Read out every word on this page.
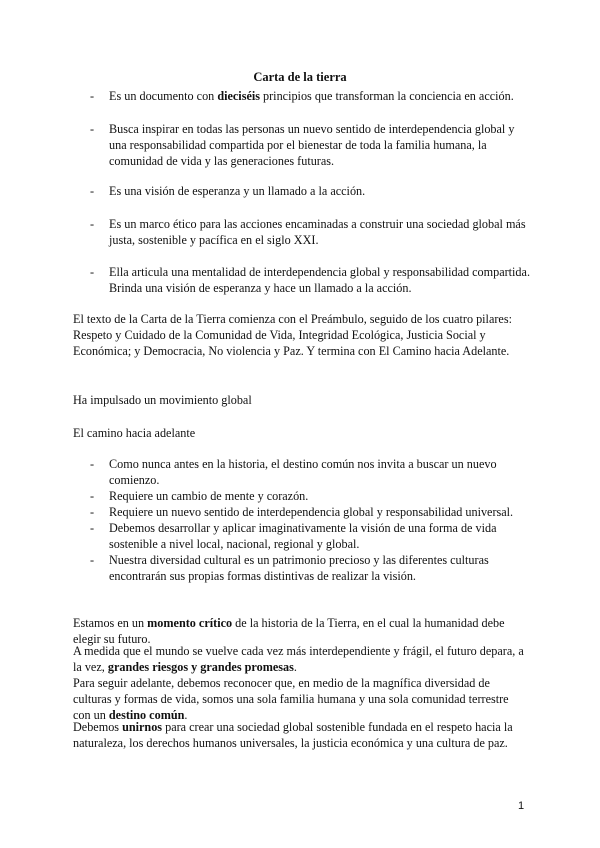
Carta de la tierra
- Es un documento con dieciséis principios que transforman la conciencia en acción.
- Busca inspirar en todas las personas un nuevo sentido de interdependencia global y una responsabilidad compartida por el bienestar de toda la familia humana, la comunidad de vida y las generaciones futuras.
- Es una visión de esperanza y un llamado a la acción.
- Es un marco ético para las acciones encaminadas a construir una sociedad global más justa, sostenible y pacífica en el siglo XXI.
- Ella articula una mentalidad de interdependencia global y responsabilidad compartida. Brinda una visión de esperanza y hace un llamado a la acción.
El texto de la Carta de la Tierra comienza con el Preámbulo, seguido de los cuatro pilares: Respeto y Cuidado de la Comunidad de Vida, Integridad Ecológica, Justicia Social y Económica; y Democracia, No violencia y Paz. Y termina con El Camino hacia Adelante.
Ha impulsado un movimiento global
El camino hacia adelante
- Como nunca antes en la historia, el destino común nos invita a buscar un nuevo comienzo.
- Requiere un cambio de mente y corazón.
- Requiere un nuevo sentido de interdependencia global y responsabilidad universal.
- Debemos desarrollar y aplicar imaginativamente la visión de una forma de vida sostenible a nivel local, nacional, regional y global.
- Nuestra diversidad cultural es un patrimonio precioso y las diferentes culturas encontrarán sus propias formas distintivas de realizar la visión.
Estamos en un momento crítico de la historia de la Tierra, en el cual la humanidad debe elegir su futuro.
A medida que el mundo se vuelve cada vez más interdependiente y frágil, el futuro depara, a la vez, grandes riesgos y grandes promesas.
Para seguir adelante, debemos reconocer que, en medio de la magnífica diversidad de culturas y formas de vida, somos una sola familia humana y una sola comunidad terrestre con un destino común.
Debemos unirnos para crear una sociedad global sostenible fundada en el respeto hacia la naturaleza, los derechos humanos universales, la justicia económica y una cultura de paz.
1
